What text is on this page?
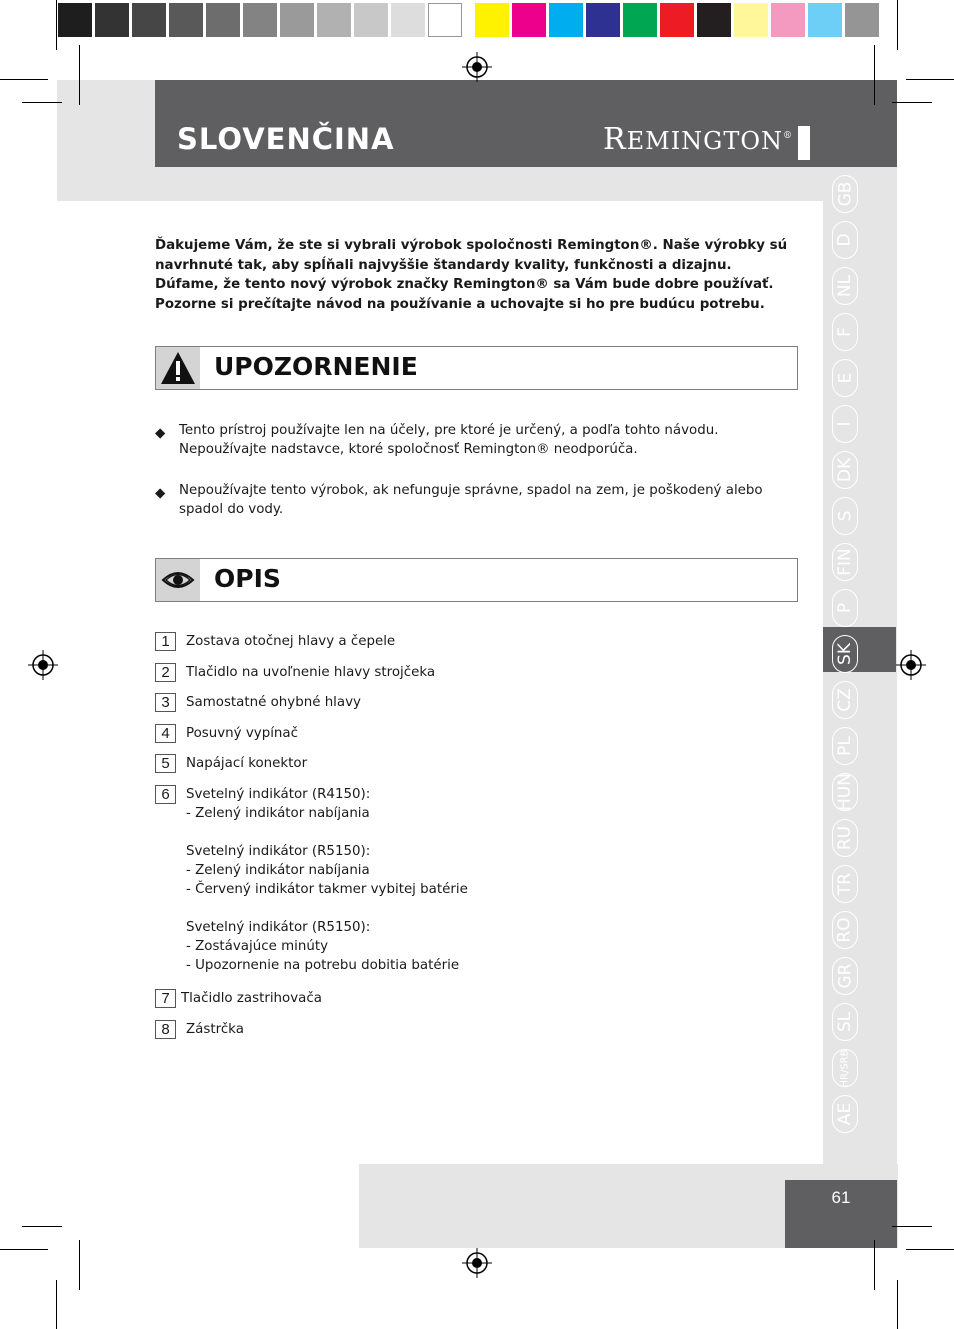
SLOVENČINA	REMINGTON®
GB
D
NL
F
E
I
DK
S
FIN
P
SK
CZ
PL
HUN
RU
TR
RO
GR
SL
HR/SRB
AE
Ďakujeme Vám, že ste si vybrali výrobok spoločnosti Remington®. Naše výrobky sú navrhnuté tak, aby spĺňali najvyššie štandardy kvality, funkčnosti a dizajnu. Dúfame, že tento nový výrobok značky Remington® sa Vám bude dobre používať. Pozorne si prečítajte návod na používanie a uchovajte si ho pre budúcu potrebu.
UPOZORNENIE
◆ Tento prístroj používajte len na účely, pre ktoré je určený, a podľa tohto návodu. Nepoužívajte nadstavce, ktoré spoločnosť Remington® neodporúča.
◆ Nepoužívajte tento výrobok, ak nefunguje správne, spadol na zem, je poškodený alebo spadol do vody.
OPIS
1	Zostava otočnej hlavy a čepele
2	Tlačidlo na uvoľnenie hlavy strojčeka
3	Samostatné ohybné hlavy
4	Posuvný vypínač
5	Napájací konektor
6	Svetelný indikátor (R4150):
- Zelený indikátor nabíjania

Svetelný indikátor (R5150):
- Zelený indikátor nabíjania
- Červený indikátor takmer vybitej batérie

Svetelný indikátor (R5150):
- Zostávajúce minúty
- Upozornenie na potrebu dobitia batérie
7 Tlačidlo zastrihovača
8	Zástrčka
61
